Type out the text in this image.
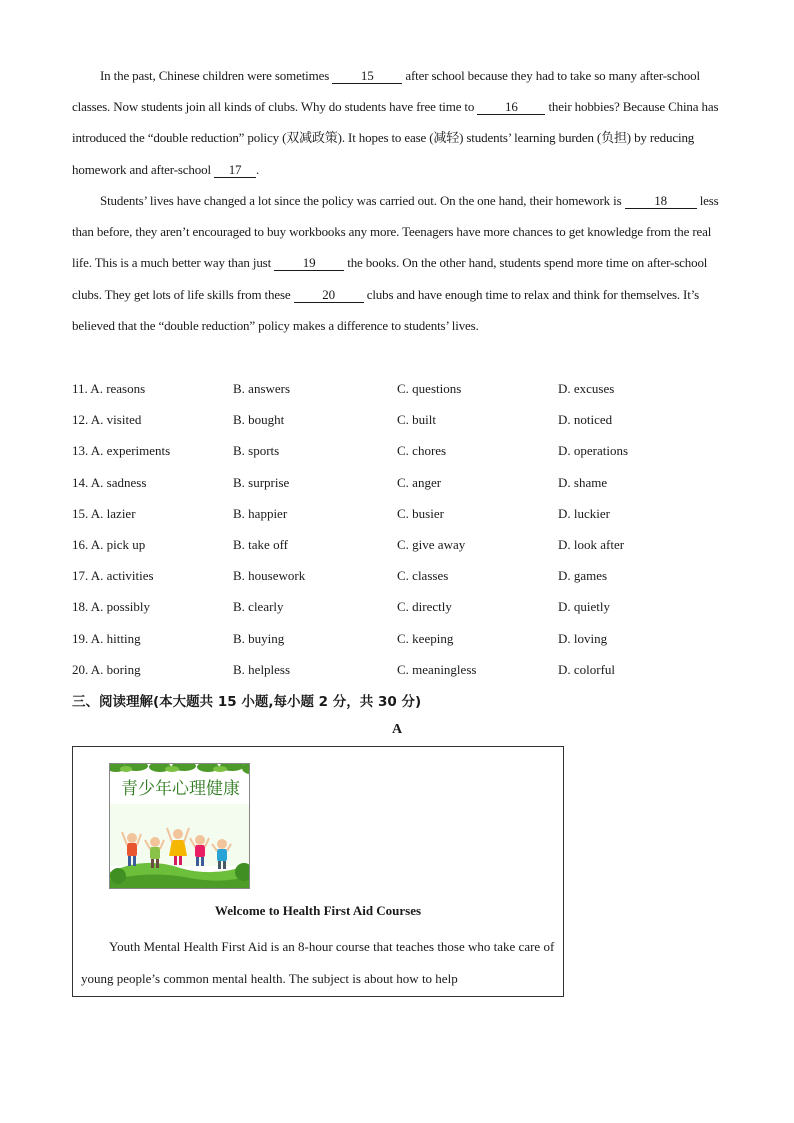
In the past, Chinese children were sometimes 15 after school because they had to take so many after-school classes. Now students join all kinds of clubs. Why do students have free time to 16 their hobbies? Because China has introduced the “double reduction” policy (双减政策). It hopes to ease (减轻) students’ learning burden (负担) by reducing homework and after-school 17 .

Students’ lives have changed a lot since the policy was carried out. On the one hand, their homework is 18 less than before, they aren’t encouraged to buy workbooks any more. Teenagers have more chances to get knowledge from the real life. This is a much better way than just 19 the books. On the other hand, students spend more time on after-school clubs. They get lots of life skills from these 20 clubs and have enough time to relax and think for themselves. It’s believed that the “double reduction” policy makes a difference to students’ lives.

11. A. reasons	B. answers	C. questions	D. excuses
12. A. visited	B. bought	C. built	D. noticed
13. A. experiments	B. sports	C. chores	D. operations
14. A. sadness	B. surprise	C. anger	D. shame
15. A. lazier	B. happier	C. busier	D. luckier
16. A. pick up	B. take off	C. give away	D. look after
17. A. activities	B. housework	C. classes	D. games
18. A. possibly	B. clearly	C. directly	D. quietly
19. A. hitting	B. buying	C. keeping	D. loving
20. A. boring	B. helpless	C. meaningless	D. colorful
三、阅读理解(本大题共 15 小题,每小题 2 分，共 30 分)
A
青少年心理健康
Welcome to Health First Aid Courses

Youth Mental Health First Aid is an 8-hour course that teaches those who take care of young people’s common mental health. The subject is about how to help
